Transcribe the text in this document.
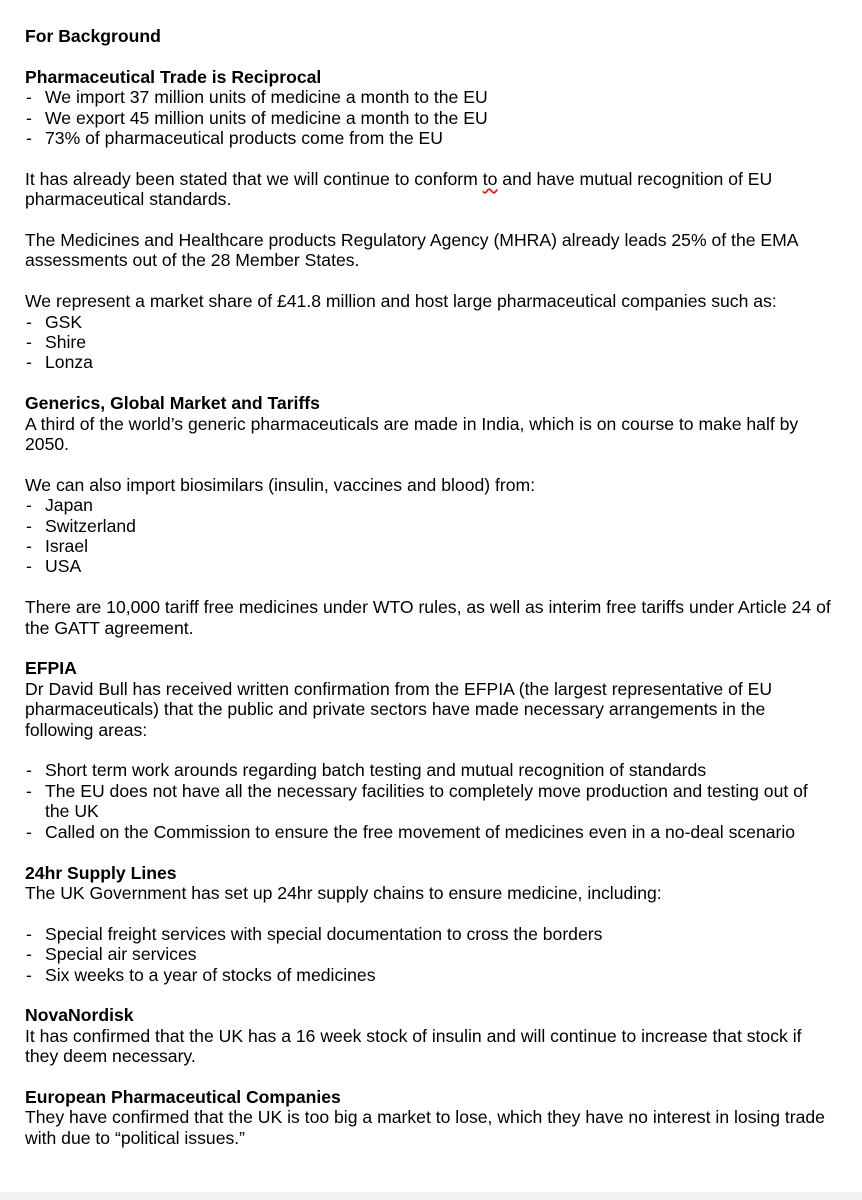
For Background
Pharmaceutical Trade is Reciprocal
- We import 37 million units of medicine a month to the EU
- We export 45 million units of medicine a month to the EU
- 73% of pharmaceutical products come from the EU

It has already been stated that we will continue to conform to and have mutual recognition of EU pharmaceutical standards.

The Medicines and Healthcare products Regulatory Agency (MHRA) already leads 25% of the EMA assessments out of the 28 Member States.

We represent a market share of £41.8 million and host large pharmaceutical companies such as:

- GSK
- Shire
- Lonza
Generics, Global Market and Tariffs

A third of the world’s generic pharmaceuticals are made in India, which is on course to make half by 2050.

We can also import biosimilars (insulin, vaccines and blood) from:

- Japan
- Switzerland
- Israel
- USA

There are 10,000 tariff free medicines under WTO rules, as well as interim free tariffs under Article 24 of the GATT agreement.

EFPIA

Dr David Bull has received written confirmation from the EFPIA (the largest representative of EU pharmaceuticals) that the public and private sectors have made necessary arrangements in the following areas:

- Short term work arounds regarding batch testing and mutual recognition of standards
- The EU does not have all the necessary facilities to completely move production and testing out of the UK
- Called on the Commission to ensure the free movement of medicines even in a no-deal scenario
24hr Supply Lines

The UK Government has set up 24hr supply chains to ensure medicine, including:

- Special freight services with special documentation to cross the borders
- Special air services
- Six weeks to a year of stocks of medicines
NovaNordisk

It has confirmed that the UK has a 16 week stock of insulin and will continue to increase that stock if they deem necessary.

European Pharmaceutical Companies

They have confirmed that the UK is too big a market to lose, which they have no interest in losing trade with due to “political issues.”
